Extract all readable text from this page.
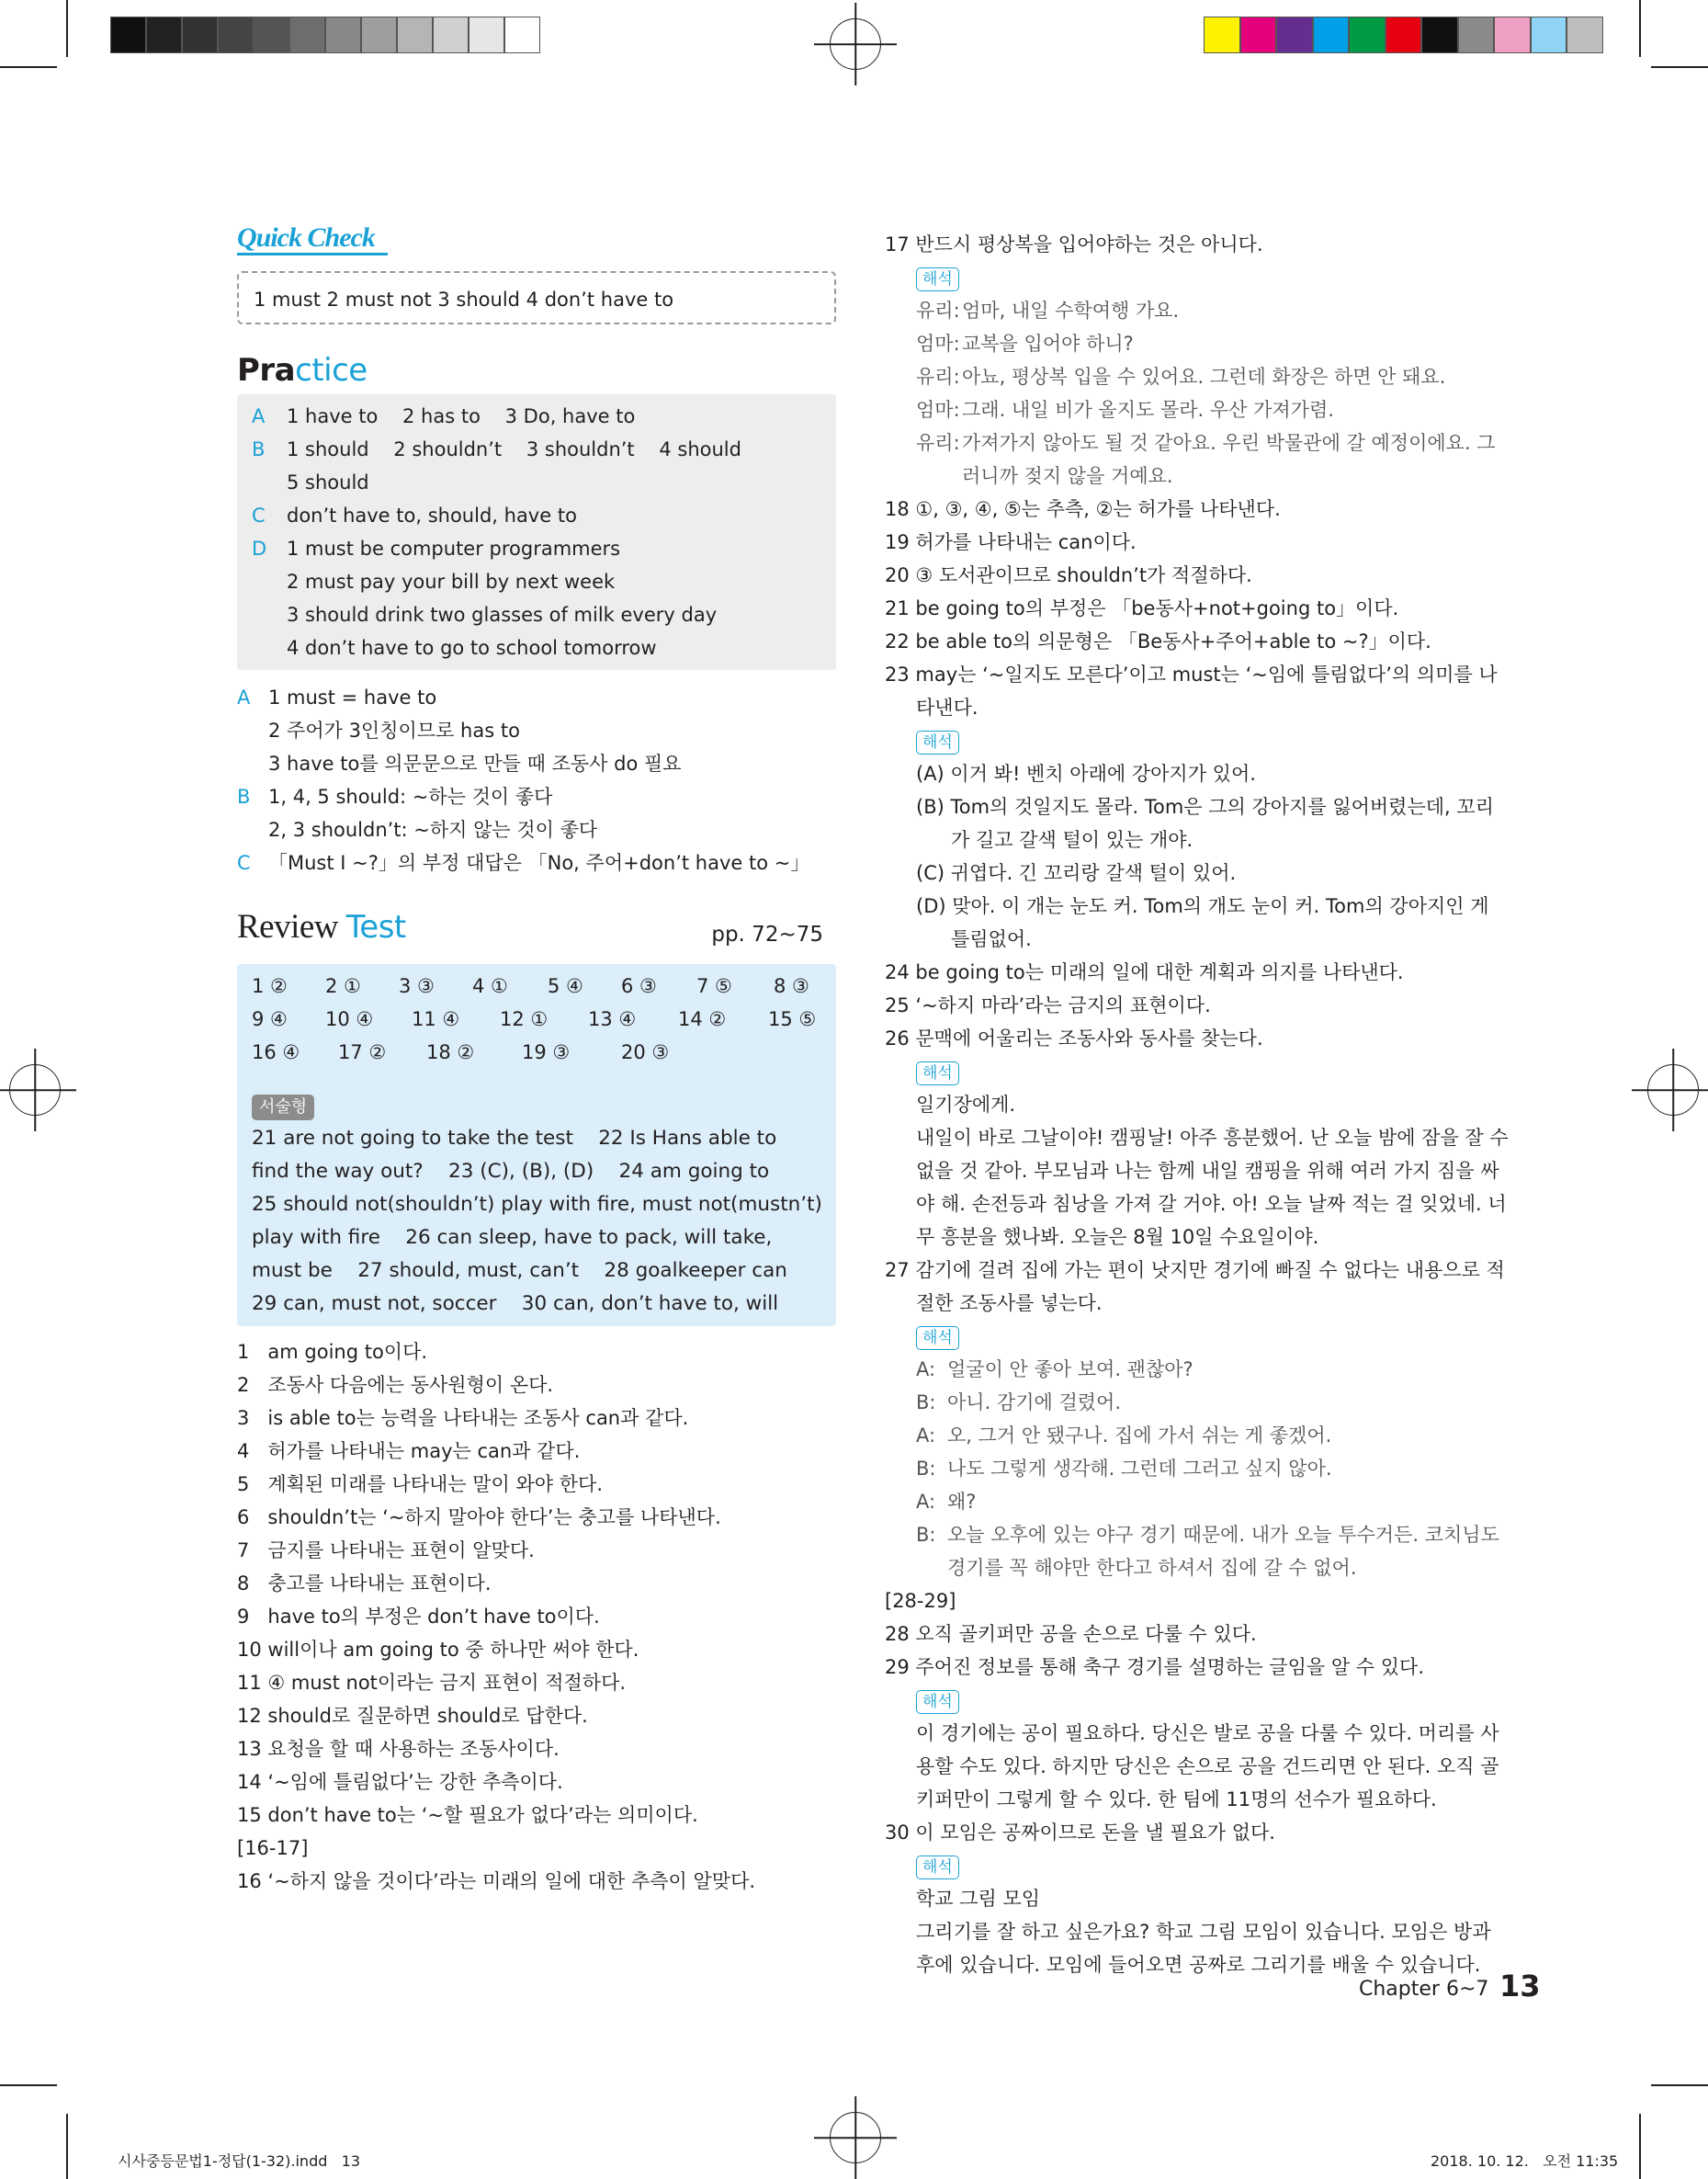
Quick Check
1 must 2 must not 3 should 4 don’t have to
Practice
A 1 have to    2 has to    3 Do, have to
B 1 should    2 shouldn’t    3 shouldn’t    4 should
5 should
C don’t have to, should, have to
D 1 must be computer programmers
2 must pay your bill by next week
3 should drink two glasses of milk every day
4 don’t have to go to school tomorrow
A 1 must = have to
2 주어가 3인칭이므로 has to
3 have to를 의문문으로 만들 때 조동사 do 필요
B 1, 4, 5 should: ~하는 것이 좋다
2, 3 shouldn’t: ~하지 않는 것이 좋다
C 「Must I ~?」의 부정 대답은 「No, 주어+don’t have to ~」
Review Test	pp. 72~75
1 ② 2 ① 3 ③ 4 ① 5 ④ 6 ③ 7 ⑤ 8 ③
9 ④ 10 ④ 11 ④ 12 ① 13 ④ 14 ② 15 ⑤
16 ④ 17 ② 18 ② 19 ③	20 ③
서술형
21 are not going to take the test    22 Is Hans able to
find the way out?    23 (C), (B), (D)    24 am going to
25 should not(shouldn’t) play with fire, must not(mustn’t)
play with fire    26 can sleep, have to pack, will take,
must be    27 should, must, can’t    28 goalkeeper can
29 can, must not, soccer    30 can, don’t have to, will
1   am going to이다.
2   조동사 다음에는 동사원형이 온다.
3   is able to는 능력을 나타내는 조동사 can과 같다.
4   허가를 나타내는 may는 can과 같다.
5   계획된 미래를 나타내는 말이 와야 한다.
6   shouldn’t는 ‘~하지 말아야 한다’는 충고를 나타낸다.
7   금지를 나타내는 표현이 알맞다.
8   충고를 나타내는 표현이다.
9   have to의 부정은 don’t have to이다.
10 will이나 am going to 중 하나만 써야 한다.
11 ④ must not이라는 금지 표현이 적절하다.
12 should로 질문하면 should로 답한다.
13 요청을 할 때 사용하는 조동사이다.
14 ‘~임에 틀림없다’는 강한 추측이다.
15 don’t have to는 ‘~할 필요가 없다’라는 의미이다.
[16-17]
16 ‘~하지 않을 것이다’라는 미래의 일에 대한 추측이 알맞다.
17 반드시 평상복을 입어야하는 것은 아니다.
해석
유리: 엄마, 내일 수학여행 가요.
엄마: 교복을 입어야 하니?
유리: 아뇨, 평상복 입을 수 있어요. 그런데 화장은 하면 안 돼요.
엄마: 그래. 내일 비가 올지도 몰라. 우산 가져가렴.
유리: 가져가지 않아도 될 것 같아요. 우린 박물관에 갈 예정이에요. 그
러니까 젖지 않을 거예요.
18 ①, ③, ④, ⑤는 추측, ②는 허가를 나타낸다.
19 허가를 나타내는 can이다.
20 ③ 도서관이므로 shouldn’t가 적절하다.
21 be going to의 부정은 「be동사+not+going to」이다.
22 be able to의 의문형은 「Be동사+주어+able to ~?」이다.
23 may는 ‘~일지도 모른다’이고 must는 ‘~임에 틀림없다’의 의미를 나
타낸다.
해석
(A) 이거 봐! 벤치 아래에 강아지가 있어.
(B) Tom의 것일지도 몰라. Tom은 그의 강아지를 잃어버렸는데, 꼬리
가 길고 갈색 털이 있는 개야.
(C) 귀엽다. 긴 꼬리랑 갈색 털이 있어.
(D) 맞아. 이 개는 눈도 커. Tom의 개도 눈이 커. Tom의 강아지인 게
틀림없어.
24 be going to는 미래의 일에 대한 계획과 의지를 나타낸다.
25 ‘~하지 마라’라는 금지의 표현이다.
26 문맥에 어울리는 조동사와 동사를 찾는다.
해석
일기장에게.
내일이 바로 그날이야! 캠핑날! 아주 흥분했어. 난 오늘 밤에 잠을 잘 수
없을 것 같아. 부모님과 나는 함께 내일 캠핑을 위해 여러 가지 짐을 싸
야 해. 손전등과 침낭을 가져 갈 거야. 아! 오늘 날짜 적는 걸 잊었네. 너
무 흥분을 했나봐. 오늘은 8월 10일 수요일이야.
27 감기에 걸려 집에 가는 편이 낫지만 경기에 빠질 수 없다는 내용으로 적
절한 조동사를 넣는다.
해석
A: 얼굴이 안 좋아 보여. 괜찮아?
B: 아니. 감기에 걸렸어.
A: 오, 그거 안 됐구나. 집에 가서 쉬는 게 좋겠어.
B: 나도 그렇게 생각해. 그런데 그러고 싶지 않아.
A: 왜?
B: 오늘 오후에 있는 야구 경기 때문에. 내가 오늘 투수거든. 코치님도
경기를 꼭 해야만 한다고 하셔서 집에 갈 수 없어.
[28-29]
28 오직 골키퍼만 공을 손으로 다룰 수 있다.
29 주어진 정보를 통해 축구 경기를 설명하는 글임을 알 수 있다.
해석
이 경기에는 공이 필요하다. 당신은 발로 공을 다룰 수 있다. 머리를 사
용할 수도 있다. 하지만 당신은 손으로 공을 건드리면 안 된다. 오직 골
키퍼만이 그렇게 할 수 있다. 한 팀에 11명의 선수가 필요하다.
30 이 모임은 공짜이므로 돈을 낼 필요가 없다.
해석
학교 그림 모임
그리기를 잘 하고 싶은가요? 학교 그림 모임이 있습니다. 모임은 방과
후에 있습니다. 모임에 들어오면 공짜로 그리기를 배울 수 있습니다.
Chapter 6~7 13
시사중등문법1-정답(1-32).indd   13	2018. 10. 12.   오전 11:35
